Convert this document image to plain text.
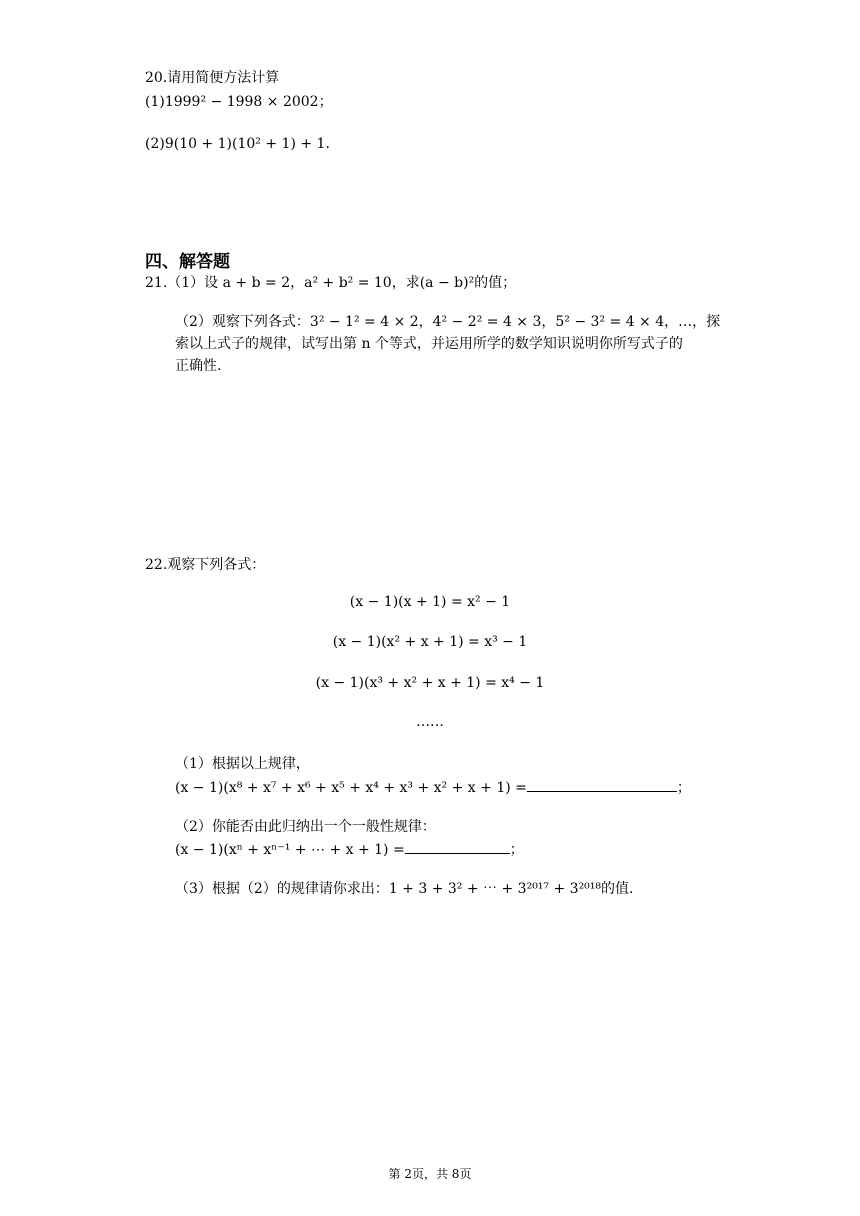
20.请用简便方法计算
(1)1999² − 1998 × 2002；
(2)9(10 + 1)(10² + 1) + 1.
四、解答题
21.（1）设 a + b = 2，a² + b² = 10，求(a − b)²的值；
（2）观察下列各式：3² − 1² = 4 × 2，4² − 2² = 4 × 3，5² − 3² = 4 × 4，…，探
索以上式子的规律，试写出第 n 个等式，并运用所学的数学知识说明你所写式子的
正确性.
22.观察下列各式：
(x − 1)(x + 1) = x² − 1
(x − 1)(x² + x + 1) = x³ − 1
(x − 1)(x³ + x² + x + 1) = x⁴ − 1
……
（1）根据以上规律，
(x − 1)(x⁸ + x⁷ + x⁶ + x⁵ + x⁴ + x³ + x² + x + 1) =	；
（2）你能否由此归纳出一个一般性规律：
(x − 1)(xⁿ + xⁿ⁻¹ + ⋯ + x + 1) =	；
（3）根据（2）的规律请你求出：1 + 3 + 3² + ⋯ + 3²⁰¹⁷ + 3²⁰¹⁸的值.
第 2页，共 8页
